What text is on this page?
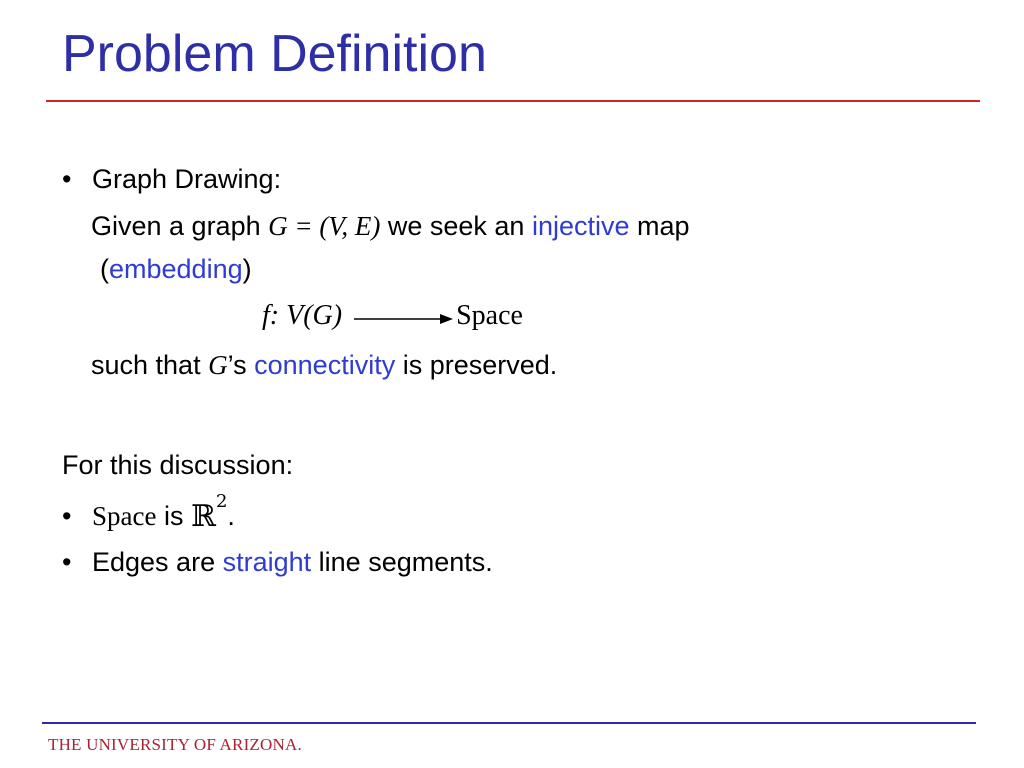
Problem Definition
• Graph Drawing:
Given a graph G = (V, E) we seek an injective map
(embedding)
f: V(G)	Space
such that G’s connectivity is preserved.
For this discussion:
• Space is ℝ$^2$.
• Edges are straight line segments.
THE UNIVERSITY OF ARIZONA.
